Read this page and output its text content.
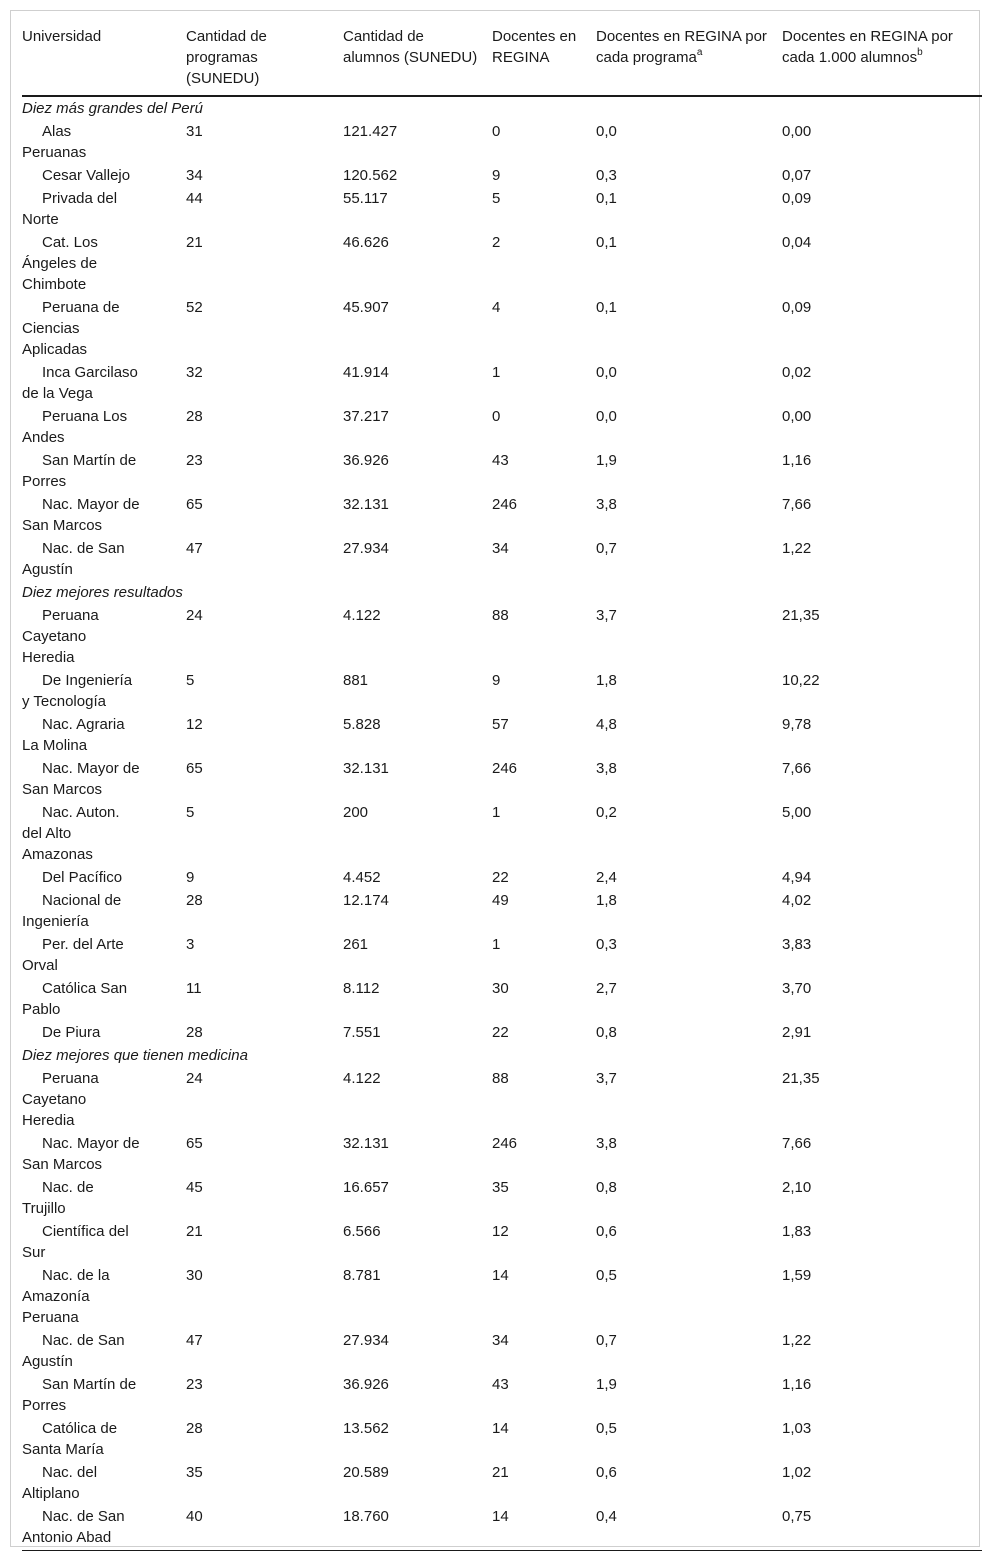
Universidad	Cantidad de programas (SUNEDU)	Cantidad de alumnos (SUNEDU)	Docentes en REGINA	Docentes en REGINA por cada programa$^a$	Docentes en REGINA por cada 1.000 alumnos$^b$
Diez más grandes del Perú					
Alas
Peruanas	31	121.427	0	0,0	0,00
Cesar Vallejo	34	120.562	9	0,3	0,07
Privada del
Norte	44	55.117	5	0,1	0,09
Cat. Los
Ángeles de
Chimbote	21	46.626	2	0,1	0,04
Peruana de
Ciencias
Aplicadas	52	45.907	4	0,1	0,09
Inca Garcilaso
de la Vega	32	41.914	1	0,0	0,02
Peruana Los
Andes	28	37.217	0	0,0	0,00
San Martín de
Porres	23	36.926	43	1,9	1,16
Nac. Mayor de
San Marcos	65	32.131	246	3,8	7,66
Nac. de San
Agustín	47	27.934	34	0,7	1,22
Diez mejores resultados					
Peruana
Cayetano
Heredia	24	4.122	88	3,7	21,35
De Ingeniería
y Tecnología	5	881	9	1,8	10,22
Nac. Agraria
La Molina	12	5.828	57	4,8	9,78
Nac. Mayor de
San Marcos	65	32.131	246	3,8	7,66
Nac. Auton.
del Alto
Amazonas	5	200	1	0,2	5,00
Del Pacífico	9	4.452	22	2,4	4,94
Nacional de
Ingeniería	28	12.174	49	1,8	4,02
Per. del Arte
Orval	3	261	1	0,3	3,83
Católica San
Pablo	11	8.112	30	2,7	3,70
De Piura	28	7.551	22	0,8	2,91
Diez mejores que tienen medicina					
Peruana
Cayetano
Heredia	24	4.122	88	3,7	21,35
Nac. Mayor de
San Marcos	65	32.131	246	3,8	7,66
Nac. de
Trujillo	45	16.657	35	0,8	2,10
Científica del
Sur	21	6.566	12	0,6	1,83
Nac. de la
Amazonía
Peruana	30	8.781	14	0,5	1,59
Nac. de San
Agustín	47	27.934	34	0,7	1,22
San Martín de
Porres	23	36.926	43	1,9	1,16
Católica de
Santa María	28	13.562	14	0,5	1,03
Nac. del
Altiplano	35	20.589	21	0,6	1,02
Nac. de San
Antonio Abad	40	18.760	14	0,4	0,75
